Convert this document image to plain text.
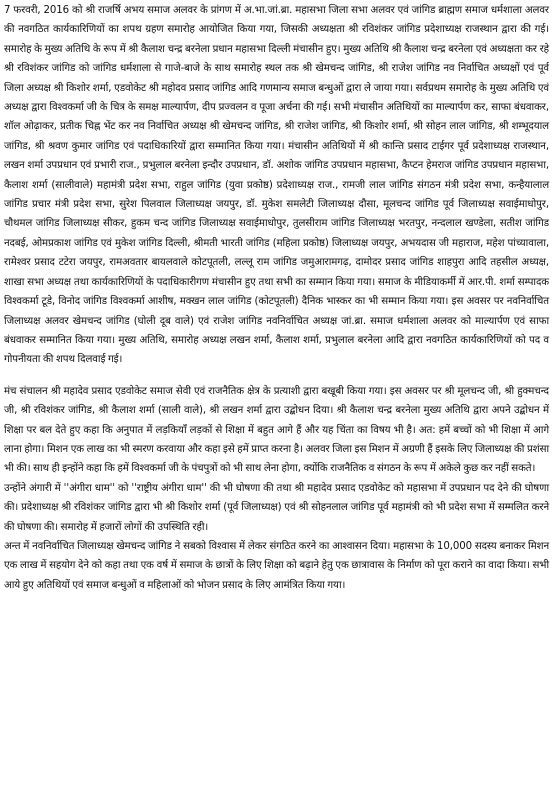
7 फरवरी, 2016 को श्री राजर्षि अभय समाज अलवर के प्रांगण में अ.भा.जां.ब्रा. महासभा जिला सभा अलवर एवं जांगिड ब्राह्मण समाज धर्मशाला अलवर की नवगठित कार्यकारिणियों का शपथ ग्रहण समारोह आयोजित किया गया, जिसकी अध्यक्षता श्री रविशंकर जांगिड प्रदेशाध्यक्ष राजस्थान द्वारा की गई। समारोह के मुख्य अतिथि के रूप में श्री कैलाश चन्द्र बरनेला प्रधान महासभा दिल्ली मंचासीन हुए। मुख्य अतिथि श्री कैलाश चन्द्र बरनेला एवं अध्यक्षता कर रहे श्री रविशंकर जांगिड को जांगिड धर्मशाला से गाजे-बाजे के साथ समारोह स्थल तक श्री खेमचन्द जांगिड, श्री राजेश जांगिड नव निर्वाचित अध्यक्षों एवं पूर्व जिला अध्यक्ष श्री किशोर शर्मा, एडवोकेट श्री महोदव प्रसाद जांगिड आदि गणमान्य समाज बन्धुओं द्वारा ले जाया गया। सर्वप्रथम समारोह के मुख्य अतिथि एवं अध्यक्ष द्वारा विश्वकर्मा जी के चित्र के समक्ष माल्यार्पण, दीप प्रज्वलन व पूजा अर्चना की गई। सभी मंचासीन अतिथियों का माल्यार्पण कर, साफा बंधवाकर, शॉल ओढ़ाकर, प्रतीक चिह्न भेंट कर नव निर्वाचित अध्यक्ष श्री खेमचन्द जांगिड, श्री राजेश जांगिड, श्री किशोर शर्मा, श्री सोहन लाल जांगिड, श्री शम्भूदयाल जांगिड, श्री श्रवण कुमार जांगिड एवं पदाधिकारियों द्वारा सम्मानित किया गया। मंचासीन अतिथियों में श्री कान्ति प्रसाद टाईगर पूर्व प्रदेशाध्यक्ष राजस्थान, लखन शर्मा उपप्रधान एवं प्रभारी राज., प्रभुलाल बरनेला इन्दौर उपप्रधान, डॉ. अशोक जांगिड उपप्रधान महासभा, कैप्टन हेमराज जांगिड उपप्रधान महासभा, कैलाश शर्मा (सालीवाले) महामंत्री प्रदेश सभा, राहुल जांगिड (युवा प्रकोष्ठ) प्रदेशाध्यक्ष राज., रामजी लाल जांगिड संगठन मंत्री प्रदेश सभा, कन्हैयालाल जांगिड प्रचार मंत्री प्रदेश सभा, सुरेश पिलवाल जिलाध्यक्ष जयपुर, डॉ. मुकेश समलेटी जिलाध्यक्ष दौसा, मूलचन्द जांगिड पूर्व जिलाध्यक्ष सवाईमाधोपुर, चौथमल जांगिड जिलाध्यक्ष सीकर, हुकम चन्द जांगिड जिलाध्यक्ष सवाईमाधोपुर, तुलसीराम जांगिड जिलाध्यक्ष भरतपुर, नन्दलाल खण्डेला, सतीश जांगिड नदबई, ओमप्रकाश जांगिड एवं मुकेश जांगिड दिल्ली, श्रीमती भारती जांगिड (महिला प्रकोष्ठ) जिलाध्यक्ष जयपुर, अभयदास जी महाराज, महेश पांच्यावाला, रामेश्वर प्रसाद टटेरा जयपुर, रामअवतार बायलवाले कोटपूतली, लल्लू राम जांगिड जमुआरामगढ़, दामोदर प्रसाद जांगिड शाहपुरा आदि तहसील अध्यक्ष, शाखा सभा अध्यक्ष तथा कार्यकारिणियों के पदाधिकारीगण मंचासीन हुए तथा सभी का सम्मान किया गया। समाज के मीडियाकर्मी में आर.पी. शर्मा सम्पादक विश्वकर्मा टूडे, विनोद जांगिड विश्वकर्मा आशीष, मक्खन लाल जांगिड (कोटपूतली) दैनिक भास्कर का भी सम्मान किया गया। इस अवसर पर नवनिर्वाचित जिलाध्यक्ष अलवर खेमचन्द जांगिड (घोली दूब वाले) एवं राजेश जांगिड नवनिर्वाचित अध्यक्ष जां.ब्रा. समाज धर्मशाला अलवर को माल्यार्पण एवं साफा बंधवाकर सम्मानित किया गया। मुख्य अतिथि, समारोह अध्यक्ष लखन शर्मा, कैलाश शर्मा, प्रभुलाल बरनेला आदि द्वारा नवगठित कार्यकारिणियों को पद व गोपनीयता की शपथ दिलवाई गई।

मंच संचालन श्री महादेव प्रसाद एडवोकेट समाज सेवी एवं राजनैतिक क्षेत्र के प्रत्याशी द्वारा बखूबी किया गया। इस अवसर पर श्री मूलचन्द जी, श्री हुक्मचन्द जी, श्री रविशंकर जांगिड, श्री कैलाश शर्मा (साली वाले), श्री लखन शर्मा द्वारा उद्बोधन दिया। श्री कैलाश चन्द्र बरनेला मुख्य अतिथि द्वारा अपने उद्बोधन में शिक्षा पर बल देते हुए कहा कि अनुपात में लड़कियाँ लड़कों से शिक्षा में बहुत आगे हैं और यह चिंता का विषय भी है। अत: हमें बच्चों को भी शिक्षा में आगे लाना होगा। मिशन एक लाख का भी स्मरण करवाया और कहा इसे हमें प्राप्त करना है। अलवर जिला इस मिशन में अग्रणी हैं इसके लिए जिलाध्यक्ष की प्रशंसा भी की। साथ ही इन्होंने कहा कि हमें विश्वकर्मा जी के पंचपुत्रों को भी साथ लेना होगा, क्योंकि राजनैतिक व संगठन के रूप में अकेले कुछ कर नहीं सकते।

उन्होंने अंगारी में ''अंगीरा धाम'' को ''राष्ट्रीय अंगीरा धाम'' की भी घोषणा की तथा श्री महादेव प्रसाद एडवोकेट को महासभा में उपप्रधान पद देने की घोषणा की। प्रदेशाध्यक्ष श्री रविशंकर जांगिड द्वारा भी श्री किशोर शर्मा (पूर्व जिलाध्यक्ष) एवं श्री सोहनलाल जांगिड पूर्व महामंत्री को भी प्रदेश सभा में सम्मलित करने की घोषणा की। समारोह में हजारों लोगों की उपस्थिति रही।

अन्त में नवनिर्वाचित जिलाध्यक्ष खेमचन्द जांगिड ने सबको विश्वास में लेकर संगठित करने का आश्वासन दिया। महासभा के 10,000 सदस्य बनाकर मिशन एक लाख में सहयोग देने को कहा तथा एक वर्ष में समाज के छात्रों के लिए शिक्षा को बढ़ाने हेतु एक छात्रावास के निर्माण को पूरा कराने का वादा किया। सभी आये हुए अतिथियों एवं समाज बन्धुओं व महिलाओं को भोजन प्रसाद के लिए आमंत्रित किया गया।
